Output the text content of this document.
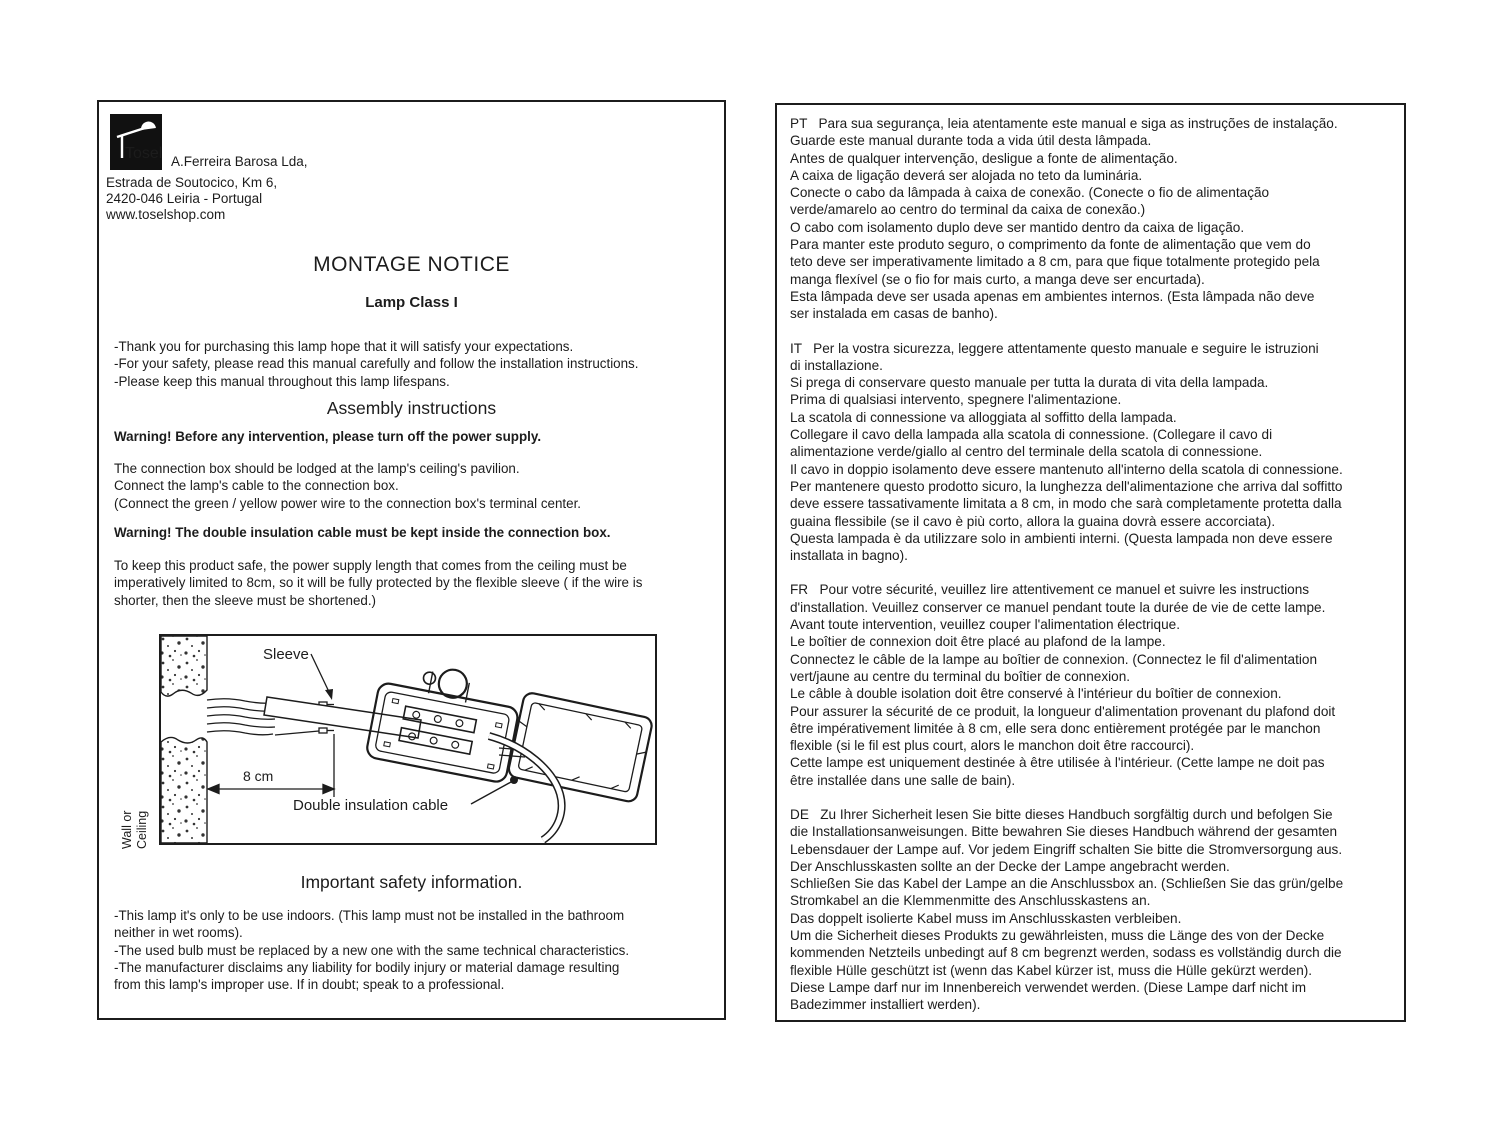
Tosel A.Ferreira Barosa Lda,
Estrada de Soutocico, Km 6,
2420-046 Leiria - Portugal
www.toselshop.com
MONTAGE NOTICE
Lamp Class I
-Thank you for purchasing this lamp hope that it will satisfy your expectations.
-For your safety, please read this manual carefully and follow the installation instructions.
-Please keep this manual throughout this lamp lifespans.
Assembly instructions
Warning! Before any intervention, please turn off the power supply.
The connection box should be lodged at the lamp's ceiling's pavilion.
Connect the lamp's cable to the connection box.
(Connect the green / yellow power wire to the connection box's terminal center.
Warning! The double insulation cable must be kept inside the connection box.
To keep this product safe, the power supply length that comes from the ceiling must be
imperatively limited to 8cm, so it will be fully protected by the flexible sleeve ( if the wire is
shorter, then the sleeve must be shortened.)
8 cm
Sleeve
Double insulation cable
Wall or Ceiling
Important safety information.
-This lamp it's only to be use indoors. (This lamp must not be installed in the bathroom
neither in wet rooms).
-The used bulb must be replaced by a new one with the same technical characteristics.
-The manufacturer disclaims any liability for bodily injury or material damage resulting
from this lamp's improper use. If in doubt; speak to a professional.

PT   Para sua segurança, leia atentamente este manual e siga as instruções de instalação.
Guarde este manual durante toda a vida útil desta lâmpada.
Antes de qualquer intervenção, desligue a fonte de alimentação.
A caixa de ligação deverá ser alojada no teto da luminária.
Conecte o cabo da lâmpada à caixa de conexão. (Conecte o fio de alimentação
verde/amarelo ao centro do terminal da caixa de conexão.)
O cabo com isolamento duplo deve ser mantido dentro da caixa de ligação.
Para manter este produto seguro, o comprimento da fonte de alimentação que vem do
teto deve ser imperativamente limitado a 8 cm, para que fique totalmente protegido pela
manga flexível (se o fio for mais curto, a manga deve ser encurtada).
Esta lâmpada deve ser usada apenas em ambientes internos. (Esta lâmpada não deve
ser instalada em casas de banho).

IT   Per la vostra sicurezza, leggere attentamente questo manuale e seguire le istruzioni
di installazione.
Si prega di conservare questo manuale per tutta la durata di vita della lampada.
Prima di qualsiasi intervento, spegnere l'alimentazione.
La scatola di connessione va alloggiata al soffitto della lampada.
Collegare il cavo della lampada alla scatola di connessione. (Collegare il cavo di
alimentazione verde/giallo al centro del terminale della scatola di connessione.
Il cavo in doppio isolamento deve essere mantenuto all'interno della scatola di connessione.
Per mantenere questo prodotto sicuro, la lunghezza dell'alimentazione che arriva dal soffitto
deve essere tassativamente limitata a 8 cm, in modo che sarà completamente protetta dalla
guaina flessibile (se il cavo è più corto, allora la guaina dovrà essere accorciata).
Questa lampada è da utilizzare solo in ambienti interni. (Questa lampada non deve essere
installata in bagno).

FR   Pour votre sécurité, veuillez lire attentivement ce manuel et suivre les instructions
d'installation. Veuillez conserver ce manuel pendant toute la durée de vie de cette lampe.
Avant toute intervention, veuillez couper l'alimentation électrique.
Le boîtier de connexion doit être placé au plafond de la lampe.
Connectez le câble de la lampe au boîtier de connexion. (Connectez le fil d'alimentation
vert/jaune au centre du terminal du boîtier de connexion.
Le câble à double isolation doit être conservé à l'intérieur du boîtier de connexion.
Pour assurer la sécurité de ce produit, la longueur d'alimentation provenant du plafond doit
être impérativement limitée à 8 cm, elle sera donc entièrement protégée par le manchon
flexible (si le fil est plus court, alors le manchon doit être raccourci).
Cette lampe est uniquement destinée à être utilisée à l'intérieur. (Cette lampe ne doit pas
être installée dans une salle de bain).

DE   Zu Ihrer Sicherheit lesen Sie bitte dieses Handbuch sorgfältig durch und befolgen Sie
die Installationsanweisungen. Bitte bewahren Sie dieses Handbuch während der gesamten
Lebensdauer der Lampe auf. Vor jedem Eingriff schalten Sie bitte die Stromversorgung aus.
Der Anschlusskasten sollte an der Decke der Lampe angebracht werden.
Schließen Sie das Kabel der Lampe an die Anschlussbox an. (Schließen Sie das grün/gelbe
Stromkabel an die Klemmenmitte des Anschlusskastens an.
Das doppelt isolierte Kabel muss im Anschlusskasten verbleiben.
Um die Sicherheit dieses Produkts zu gewährleisten, muss die Länge des von der Decke
kommenden Netzteils unbedingt auf 8 cm begrenzt werden, sodass es vollständig durch die
flexible Hülle geschützt ist (wenn das Kabel kürzer ist, muss die Hülle gekürzt werden).
Diese Lampe darf nur im Innenbereich verwendet werden. (Diese Lampe darf nicht im
Badezimmer installiert werden).
